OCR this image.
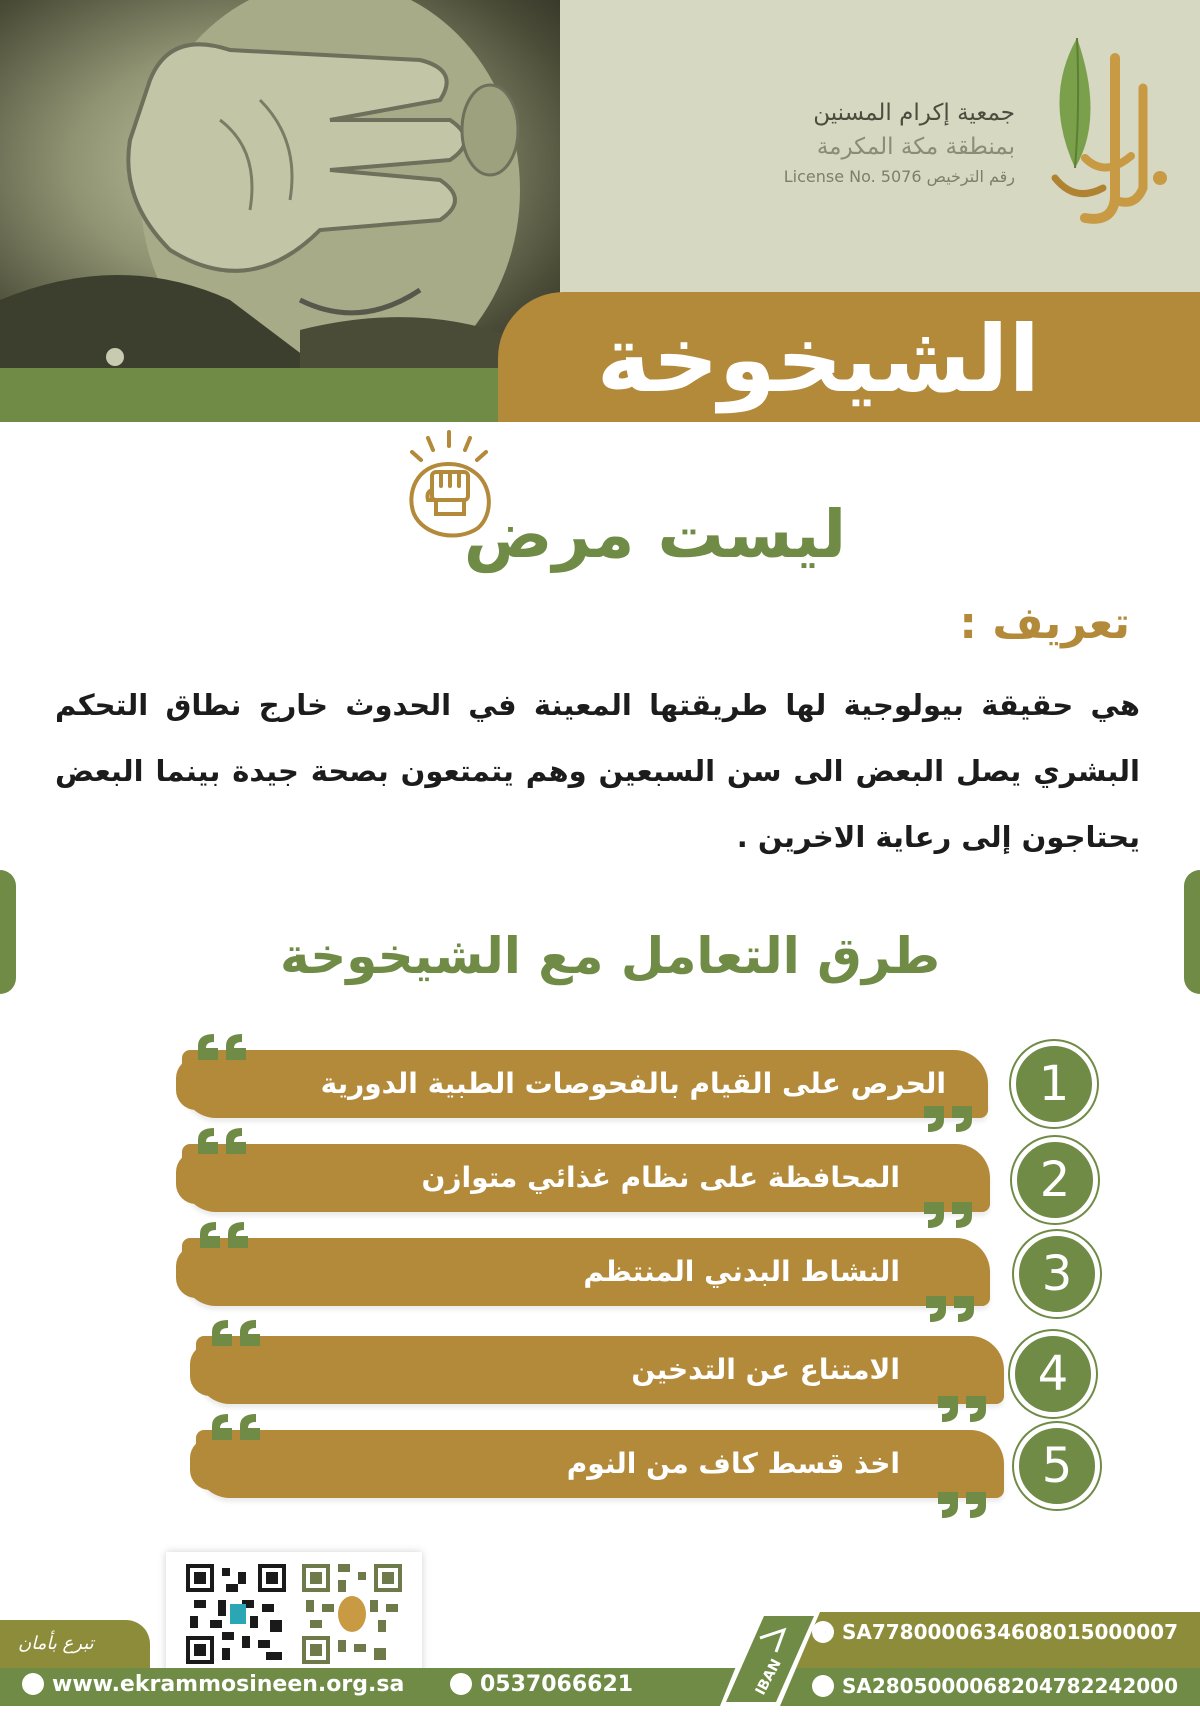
جمعية إكرام المسنين
بمنطقة مكة المكرمة
License No. 5076 رقم الترخيص
الشيخوخة
ليست مرض
تعريف :
هي حقيقة بيولوجية لها طريقتها المعينة في الحدوث خارج نطاق التحكم البشري يصل البعض الى سن السبعين وهم يتمتعون بصحة جيدة بينما البعض يحتاجون إلى رعاية الاخرين .
طرق التعامل مع الشيخوخة
الحرص على القيام بالفحوصات الطبية الدورية	1
المحافظة على نظام غذائي متوازن	2
النشاط البدني المنتظم	3
الامتناع عن التدخين	4
اخذ قسط كاف من النوم	5
تبرع بأمان
IBAN
SA7780000634608015000007
SA2805000068204782242000
www.ekrammosineen.org.sa	0537066621
